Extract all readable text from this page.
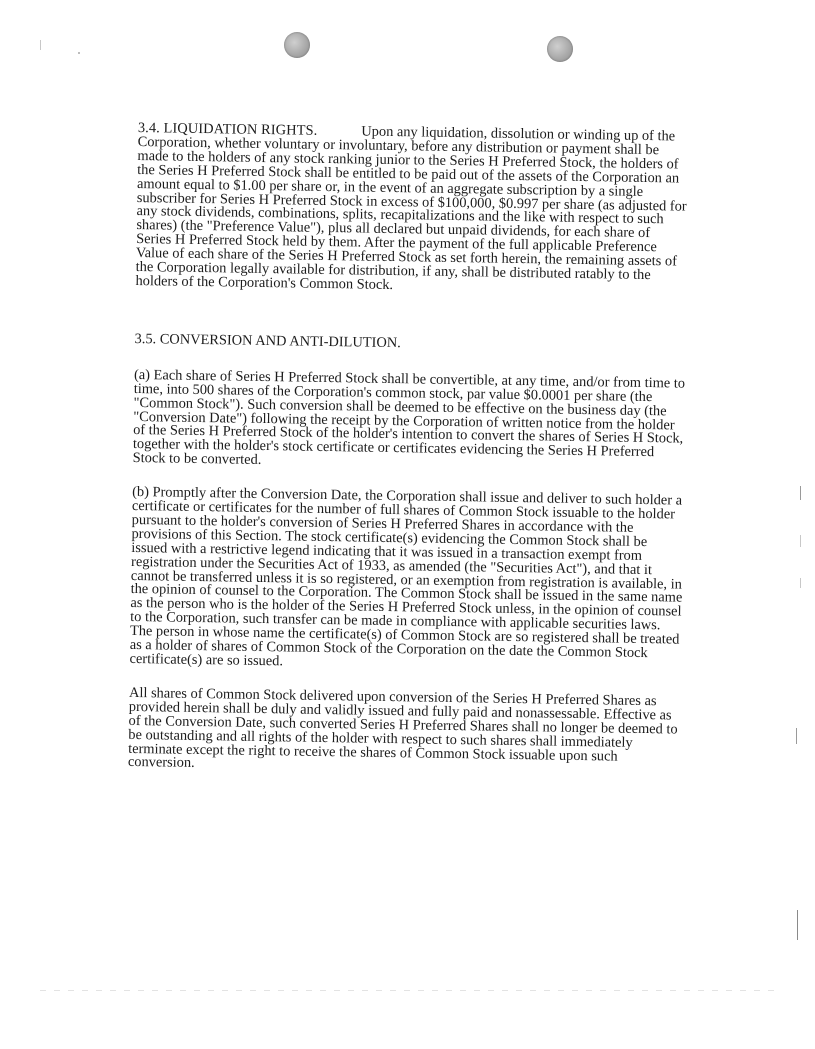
3.4. LIQUIDATION RIGHTS.	Upon any liquidation, dissolution or winding up of the Corporation, whether voluntary or involuntary, before any distribution or payment shall be made to the holders of any stock ranking junior to the Series H Preferred Stock, the holders of the Series H Preferred Stock shall be entitled to be paid out of the assets of the Corporation an amount equal to $1.00 per share or, in the event of an aggregate subscription by a single subscriber for Series H Preferred Stock in excess of $100,000, $0.997 per share (as adjusted for any stock dividends, combinations, splits, recapitalizations and the like with respect to such shares) (the "Preference Value"), plus all declared but unpaid dividends, for each share of Series H Preferred Stock held by them. After the payment of the full applicable Preference Value of each share of the Series H Preferred Stock as set forth herein, the remaining assets of the Corporation legally available for distribution, if any, shall be distributed ratably to the holders of the Corporation's Common Stock.

3.5. CONVERSION AND ANTI-DILUTION.

(a) Each share of Series H Preferred Stock shall be convertible, at any time, and/or from time to time, into 500 shares of the Corporation's common stock, par value $0.0001 per share (the "Common Stock"). Such conversion shall be deemed to be effective on the business day (the "Conversion Date") following the receipt by the Corporation of written notice from the holder of the Series H Preferred Stock of the holder's intention to convert the shares of Series H Stock, together with the holder's stock certificate or certificates evidencing the Series H Preferred Stock to be converted.

(b) Promptly after the Conversion Date, the Corporation shall issue and deliver to such holder a certificate or certificates for the number of full shares of Common Stock issuable to the holder pursuant to the holder's conversion of Series H Preferred Shares in accordance with the provisions of this Section. The stock certificate(s) evidencing the Common Stock shall be issued with a restrictive legend indicating that it was issued in a transaction exempt from registration under the Securities Act of 1933, as amended (the "Securities Act"), and that it cannot be transferred unless it is so registered, or an exemption from registration is available, in the opinion of counsel to the Corporation. The Common Stock shall be issued in the same name as the person who is the holder of the Series H Preferred Stock unless, in the opinion of counsel to the Corporation, such transfer can be made in compliance with applicable securities laws. The person in whose name the certificate(s) of Common Stock are so registered shall be treated as a holder of shares of Common Stock of the Corporation on the date the Common Stock certificate(s) are so issued.

All shares of Common Stock delivered upon conversion of the Series H Preferred Shares as provided herein shall be duly and validly issued and fully paid and nonassessable. Effective as of the Conversion Date, such converted Series H Preferred Shares shall no longer be deemed to be outstanding and all rights of the holder with respect to such shares shall immediately terminate except the right to receive the shares of Common Stock issuable upon such conversion.
